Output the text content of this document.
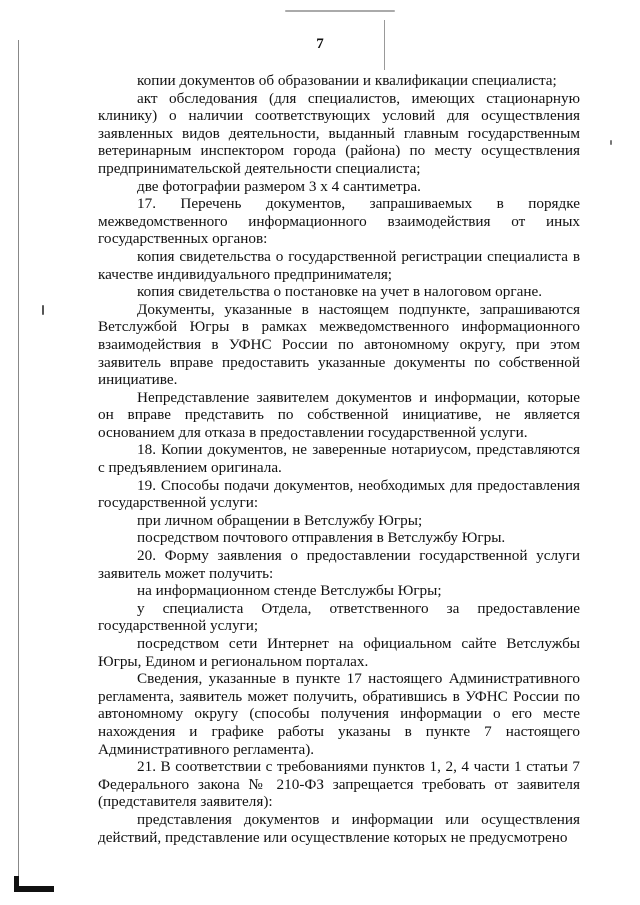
7

копии документов об образовании и квалификации специалиста;

акт обследования (для специалистов, имеющих стационарную клинику) о наличии соответствующих условий для осуществления заявленных видов деятельности, выданный главным государственным ветеринарным инспектором города (района) по месту осуществления предпринимательской деятельности специалиста;

две фотографии размером 3 х 4 сантиметра.

17. Перечень документов, запрашиваемых в порядке межведомственного информационного взаимодействия от иных государственных органов:

копия свидетельства о государственной регистрации специалиста в качестве индивидуального предпринимателя;

копия свидетельства о постановке на учет в налоговом органе.

Документы, указанные в настоящем подпункте, запрашиваются Ветслужбой Югры в рамках межведомственного информационного взаимодействия в УФНС России по автономному округу, при этом заявитель вправе предоставить указанные документы по собственной инициативе.

Непредставление заявителем документов и информации, которые он вправе представить по собственной инициативе, не является основанием для отказа в предоставлении государственной услуги.

18. Копии документов, не заверенные нотариусом, представляются с предъявлением оригинала.

19. Способы подачи документов, необходимых для предоставления государственной услуги:

при личном обращении в Ветслужбу Югры;

посредством почтового отправления в Ветслужбу Югры.

20. Форму заявления о предоставлении государственной услуги заявитель может получить:

на информационном стенде Ветслужбы Югры;

у специалиста Отдела, ответственного за предоставление государственной услуги;

посредством сети Интернет на официальном сайте Ветслужбы Югры, Едином и региональном порталах.

Сведения, указанные в пункте 17 настоящего Административного регламента, заявитель может получить, обратившись в УФНС России по автономному округу (способы получения информации о его месте нахождения и графике работы указаны в пункте 7 настоящего Административного регламента).

21. В соответствии с требованиями пунктов 1, 2, 4 части 1 статьи 7 Федерального закона № 210-ФЗ запрещается требовать от заявителя (представителя заявителя):

представления документов и информации или осуществления действий, представление или осуществление которых не предусмотрено
